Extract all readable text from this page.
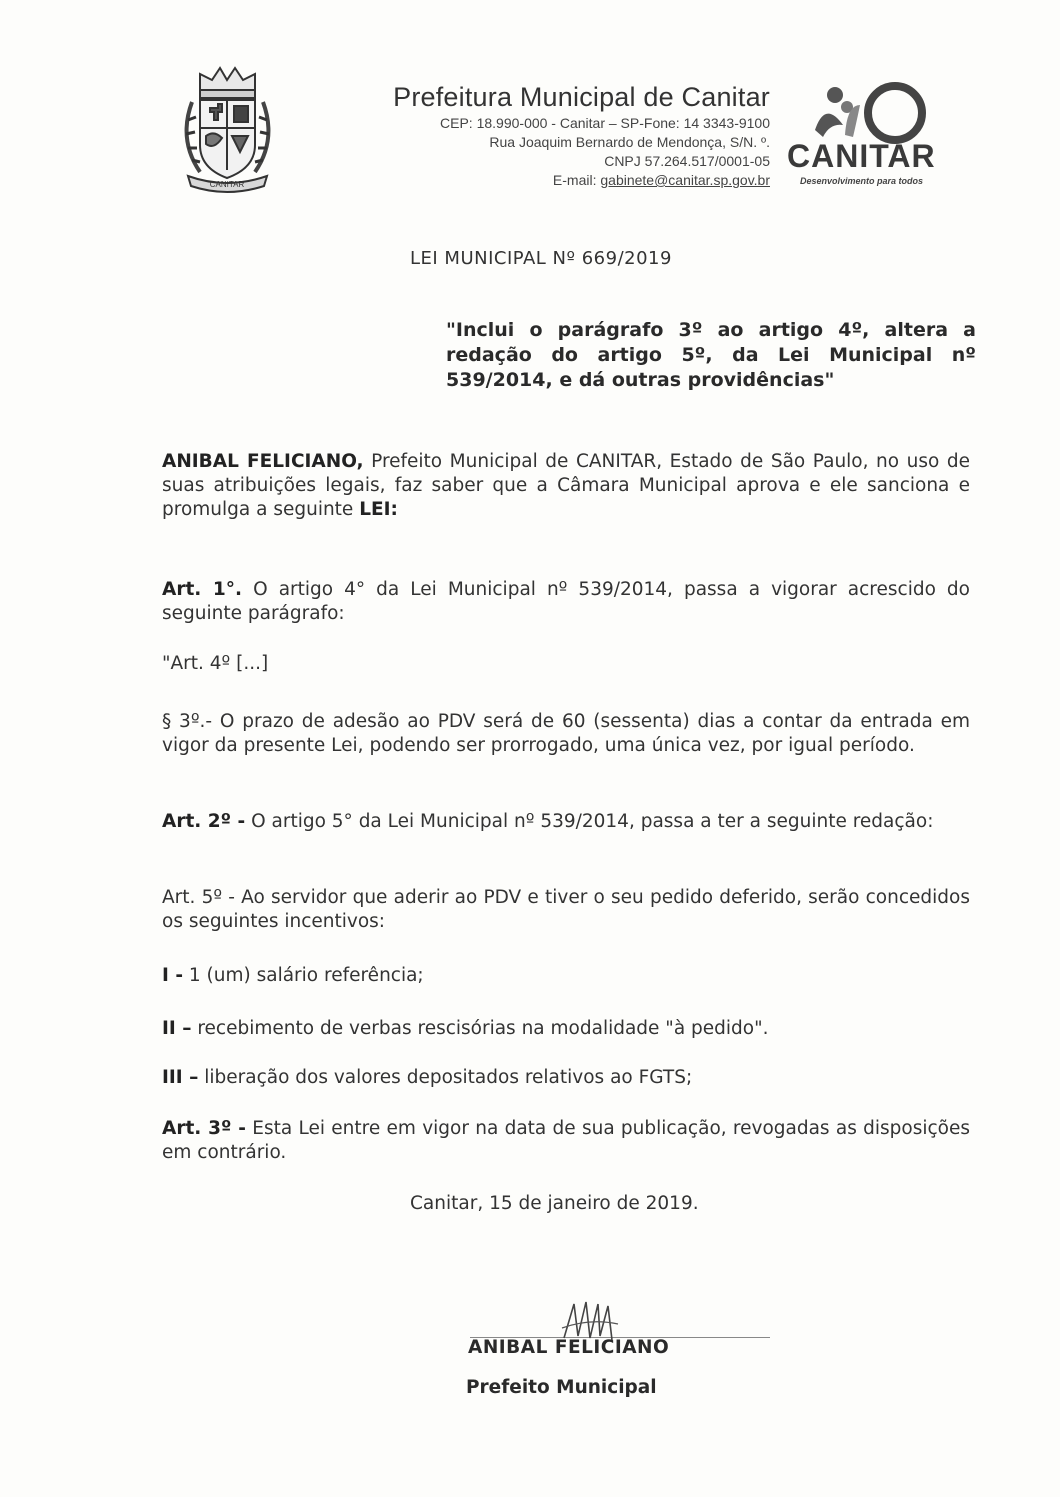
CANITAR
Prefeitura Municipal de Canitar
CEP: 18.990-000 - Canitar – SP-Fone: 14 3343-9100
Rua Joaquim Bernardo de Mendonça, S/N. º.
CNPJ 57.264.517/0001-05
E-mail: gabinete@canitar.sp.gov.br
CANITAR
Desenvolvimento para todos
LEI MUNICIPAL Nº 669/2019
"Inclui o parágrafo 3º ao artigo 4º, altera a redação do artigo 5º, da Lei Municipal nº 539/2014, e dá outras providências"
ANIBAL FELICIANO, Prefeito Municipal de CANITAR, Estado de São Paulo, no uso de suas atribuições legais, faz saber que a Câmara Municipal aprova e ele sanciona e promulga a seguinte LEI:
Art. 1°. O artigo 4° da Lei Municipal nº 539/2014, passa a vigorar acrescido do seguinte parágrafo:
"Art. 4º [...]
§ 3º.- O prazo de adesão ao PDV será de 60 (sessenta) dias a contar da entrada em vigor da presente Lei, podendo ser prorrogado, uma única vez, por igual período.
Art. 2º - O artigo 5° da Lei Municipal nº 539/2014, passa a ter a seguinte redação:
Art. 5º - Ao servidor que aderir ao PDV e tiver o seu pedido deferido, serão concedidos os seguintes incentivos:
I - 1 (um) salário referência;
II – recebimento de verbas rescisórias na modalidade "à pedido".
III – liberação dos valores depositados relativos ao FGTS;
Art. 3º - Esta Lei entre em vigor na data de sua publicação, revogadas as disposições em contrário.
Canitar, 15 de janeiro de 2019.
ANIBAL FELICIANO
Prefeito Municipal
